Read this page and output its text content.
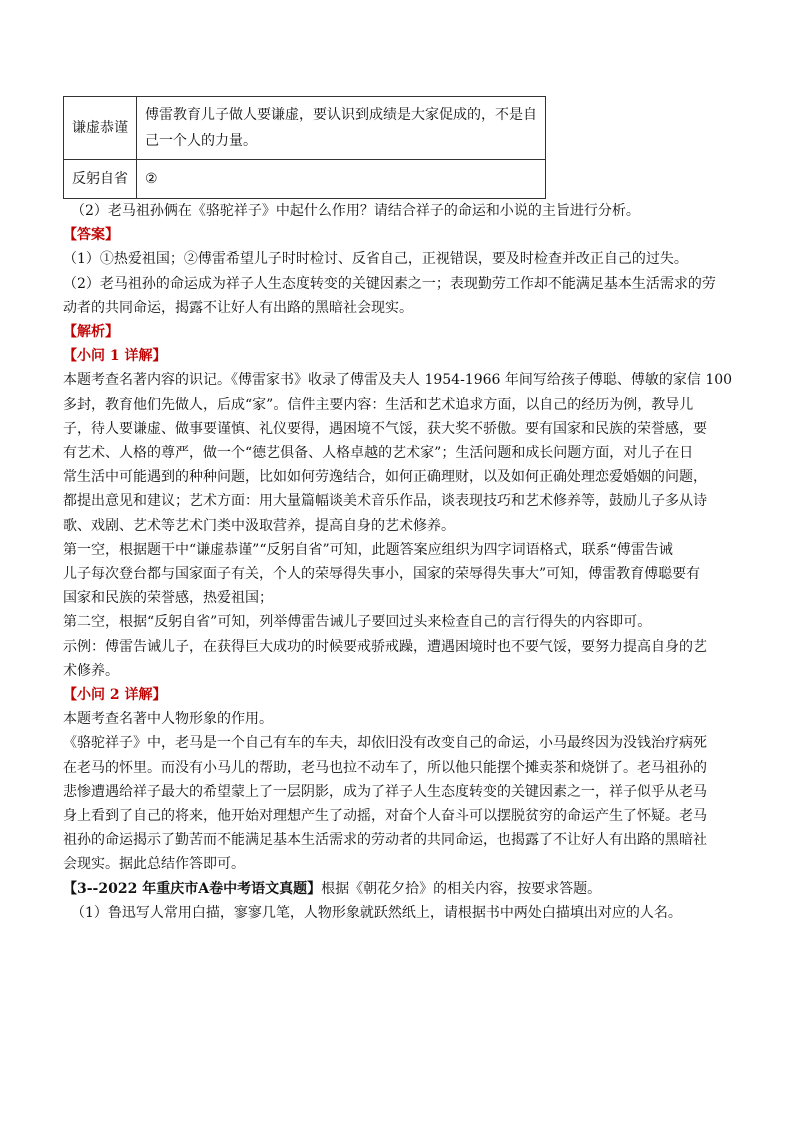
谦虚恭谨	傅雷教育儿子做人要谦虚，要认识到成绩是大家促成的，不是自
己一个人的力量。

反躬自省	②
（2）老马祖孙俩在《骆驼祥子》中起什么作用？请结合祥子的命运和小说的主旨进行分析。
【答案】
（1）①热爱祖国；②傅雷希望儿子时时检讨、反省自己，正视错误，要及时检查并改正自己的过失。
（2）老马祖孙的命运成为祥子人生态度转变的关键因素之一；表现勤劳工作却不能满足基本生活需求的劳
动者的共同命运，揭露不让好人有出路的黑暗社会现实。
【解析】
【小问 1 详解】
本题考查名著内容的识记。《傅雷家书》收录了傅雷及夫人 1954-1966 年间写给孩子傅聪、傅敏的家信 100
多封，教育他们先做人，后成“家”。信件主要内容：生活和艺术追求方面，以自己的经历为例，教导儿
子，待人要谦虚、做事要谨慎、礼仪要得，遇困境不气馁，获大奖不骄傲。要有国家和民族的荣誉感，要
有艺术、人格的尊严，做一个“德艺俱备、人格卓越的艺术家”；生活问题和成长问题方面，对儿子在日
常生活中可能遇到的种种问题，比如如何劳逸结合，如何正确理财，以及如何正确处理恋爱婚姻的问题，
都提出意见和建议；艺术方面：用大量篇幅谈美术音乐作品，谈表现技巧和艺术修养等，鼓励儿子多从诗
歌、戏剧、艺术等艺术门类中汲取营养，提高自身的艺术修养。
第一空，根据题干中“谦虚恭谨”“反躬自省”可知，此题答案应组织为四字词语格式，联系“傅雷告诫
儿子每次登台都与国家面子有关，个人的荣辱得失事小，国家的荣辱得失事大”可知，傅雷教育傅聪要有
国家和民族的荣誉感，热爱祖国；
第二空，根据“反躬自省”可知，列举傅雷告诫儿子要回过头来检查自己的言行得失的内容即可。
示例：傅雷告诫儿子，在获得巨大成功的时候要戒骄戒躁，遭遇困境时也不要气馁，要努力提高自身的艺
术修养。
【小问 2 详解】
本题考查名著中人物形象的作用。
《骆驼祥子》中，老马是一个自己有车的车夫，却依旧没有改变自己的命运，小马最终因为没钱治疗病死
在老马的怀里。而没有小马儿的帮助，老马也拉不动车了，所以他只能摆个摊卖茶和烧饼了。老马祖孙的
悲惨遭遇给祥子最大的希望蒙上了一层阴影，成为了祥子人生态度转变的关键因素之一，祥子似乎从老马
身上看到了自己的将来，他开始对理想产生了动摇，对奋个人奋斗可以摆脱贫穷的命运产生了怀疑。老马
祖孙的命运揭示了勤苦而不能满足基本生活需求的劳动者的共同命运，也揭露了不让好人有出路的黑暗社
会现实。据此总结作答即可。
【3--2022 年重庆市A卷中考语文真题】根据《朝花夕拾》的相关内容，按要求答题。
（1）鲁迅写人常用白描，寥寥几笔，人物形象就跃然纸上，请根据书中两处白描填出对应的人名。
